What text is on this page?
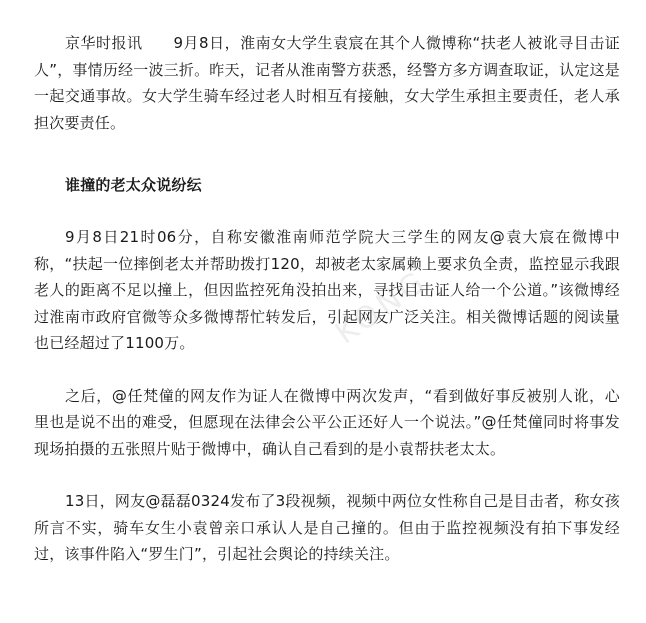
京华时报讯　　9月8日，淮南女大学生袁宸在其个人微博称“扶老人被讹寻目击证人”，事情历经一波三折。昨天，记者从淮南警方获悉，经警方多方调查取证，认定这是一起交通事故。女大学生骑车经过老人时相互有接触，女大学生承担主要责任，老人承担次要责任。

谁撞的老太众说纷纭

9月8日21时06分，自称安徽淮南师范学院大三学生的网友@袁大宸在微博中称，“扶起一位摔倒老太并帮助拨打120，却被老太家属赖上要求负全责，监控显示我跟老人的距离不足以撞上，但因监控死角没拍出来，寻找目击证人给一个公道。”该微博经过淮南市政府官微等众多微博帮忙转发后，引起网友广泛关注。相关微博话题的阅读量也已经超过了1100万。

之后，@任梵僮的网友作为证人在微博中两次发声，“看到做好事反被别人讹，心里也是说不出的难受，但愿现在法律会公平公正还好人一个说法。”@任梵僮同时将事发现场拍摄的五张照片贴于微博中，确认自己看到的是小袁帮扶老太太。

13日，网友@磊磊0324发布了3段视频，视频中两位女性称自己是目击者，称女孩所言不实，骑车女生小袁曾亲口承认人是自己撞的。但由于监控视频没有拍下事发经过，该事件陷入“罗生门”，引起社会舆论的持续关注。

KONG
